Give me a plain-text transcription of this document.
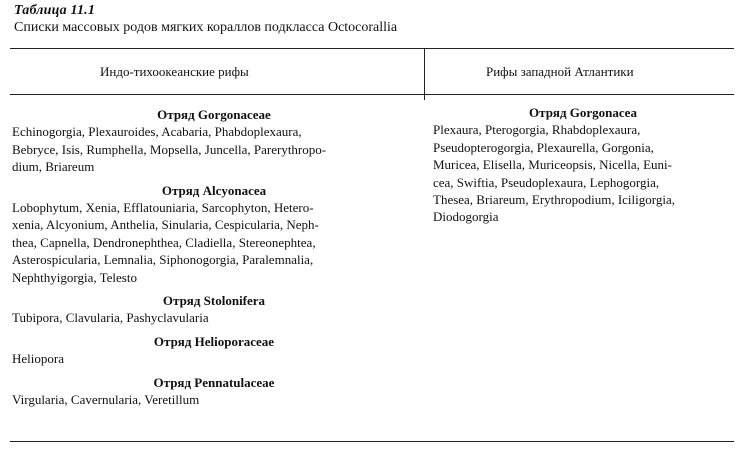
Таблица 11.1
Списки массовых родов мягких кораллов подкласса Octocorallia
Индо-тихоокеанские рифы	Рифы западной Атлантики

Отряд Gorgonaceae

Echinogorgia, Plexauroides, Acabaria, Phabdoplexaura,
Bebryce, Isis, Rumphella, Mopsella, Juncella, Parerythropo-
dium, Briareum

Отряд Alcyonacea

Lobophytum, Xenia, Efflatouniaria, Sarcophyton, Hetero-
xenia, Alcyonium, Anthelia, Sinularia, Cespicularia, Neph-
thea, Capnella, Dendronephthea, Cladiella, Stereonephtea,
Asterospicularia, Lemnalia, Siphonogorgia, Paralemnalia,
Nephthyigorgia, Telesto

Отряд Stolonifera

Tubipora, Clavularia, Pashyclavularia

Отряд Helioporaceae

Heliopora

Отряд Pennatulaceae

Virgularia, Cavernularia, Veretillum

Отряд Gorgonacea

Plexaura, Pterogorgia, Rhabdoplexaura,
Pseudopterogorgia, Plexaurella, Gorgonia,
Muricea, Elisella, Muriceopsis, Nicella, Euni-
cea, Swiftia, Pseudoplexaura, Lephogorgia,
Thesea, Briareum, Erythropodium, Iciligorgia,
Diodogorgia
